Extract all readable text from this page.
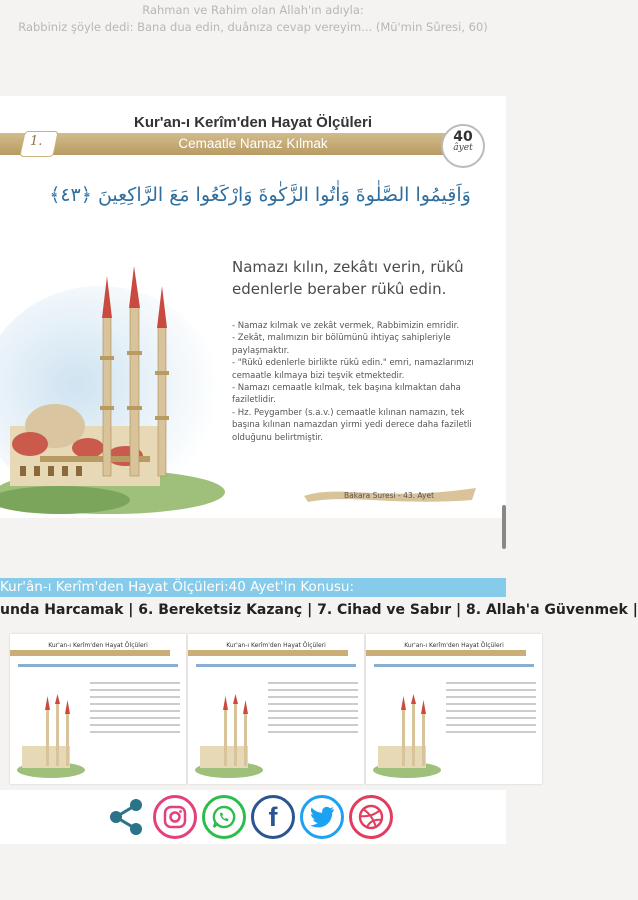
Rahman ve Rahim olan Allah'ın adıyla:
Rabbiniz şöyle dedi: Bana dua edin, duânıza cevap vereyim... (Mü'min Sûresi, 60)
Kur'an-ı Kerîm'den Hayat Ölçüleri
1.	Cemaatle Namaz Kılmak	40
âyet
وَاَقِيمُوا الصَّلٰوةَ وَاٰتُوا الزَّكٰوةَ وَارْكَعُوا مَعَ الرَّاكِعِينَ ﴿٤٣﴾
Namazı kılın, zekâtı verin, rükû edenlerle beraber rükû edin.
- Namaz kılmak ve zekât vermek, Rabbimizin emridir.
- Zekât, malımızın bir bölümünü ihtiyaç sahipleriyle paylaşmaktır.
- "Rükû edenlerle birlikte rükû edin." emri, namazlarımızı cemaatle kılmaya bizi teşvik etmektedir.
- Namazı cemaatle kılmak, tek başına kılmaktan daha faziletlidir.
- Hz. Peygamber (s.a.v.) cemaatle kılınan namazın, tek başına kılınan namazdan yirmi yedi derece daha faziletli olduğunu belirtmiştir.
Bakara Suresi - 43. Ayet
Kur'ân-ı Kerîm'den Hayat Ölçüleri:40 Ayet'in Konusu:
unda Harcamak | 6. Bereketsiz Kazanç | 7. Cihad ve Sabır | 8. Allah'a Güvenmek |
Kur'an-ı Kerîm'den Hayat Ölçüleri	Kur'an-ı Kerîm'den Hayat Ölçüleri	Kur'an-ı Kerîm'den Hayat Ölçüleri
f
